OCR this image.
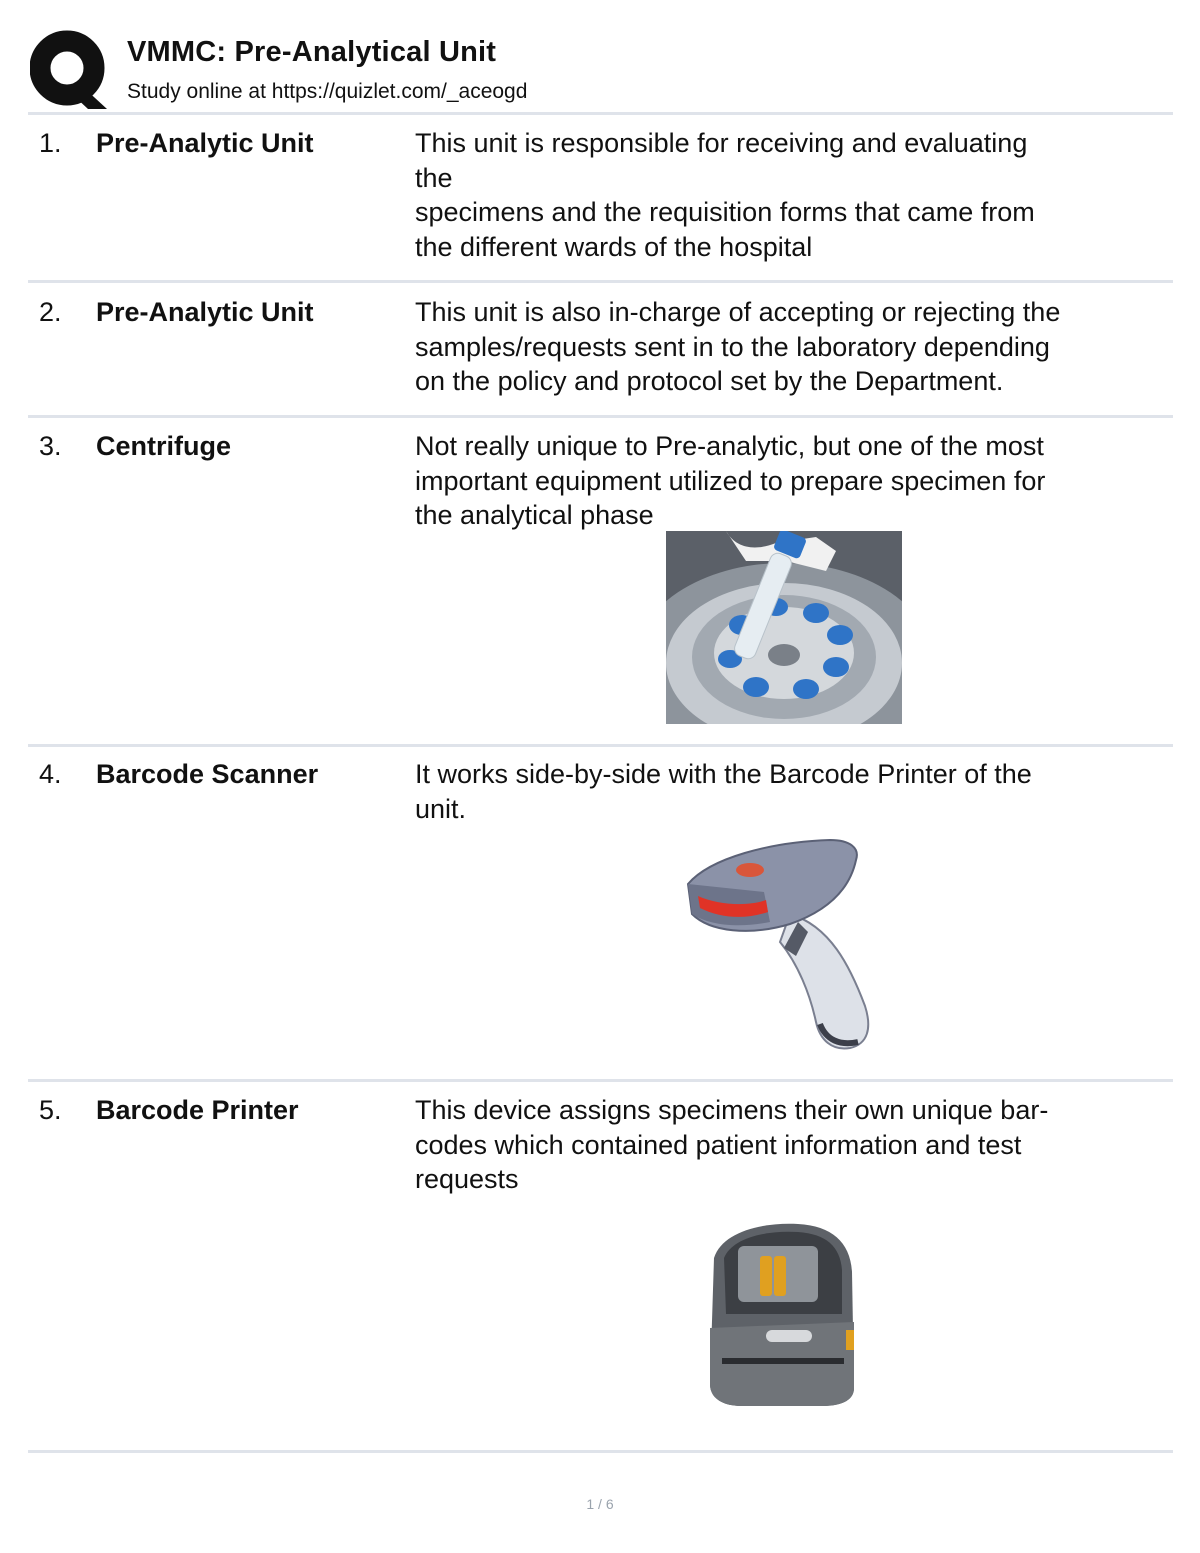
VMMC: Pre-Analytical Unit
Study online at https://quizlet.com/_aceogd
1. Pre-Analytic Unit	This unit is responsible for receiving and evaluating
the
specimens and the requisition forms that came from
the different wards of the hospital
2. Pre-Analytic Unit	This unit is also in-charge of accepting or rejecting the
samples/requests sent in to the laboratory depending
on the policy and protocol set by the Department.
3. Centrifuge	Not really unique to Pre-analytic, but one of the most
important equipment utilized to prepare specimen for
the analytical phase
4. Barcode Scanner	It works side-by-side with the Barcode Printer of the
unit.
5. Barcode Printer	This device assigns specimens their own unique bar-
codes which contained patient information and test
requests
1 / 6
